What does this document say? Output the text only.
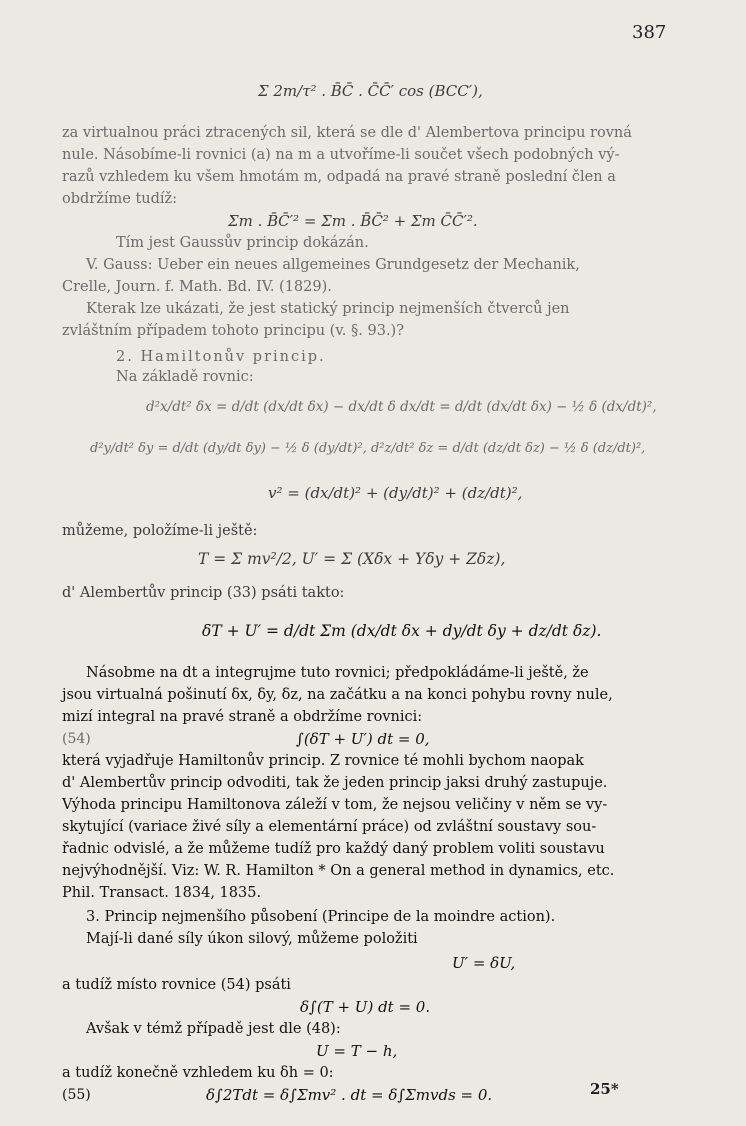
387
Σ 2m/τ² . B̄C̄ . C̄C̄′ cos (BCC′),
za virtualnou práci ztracených sil, která se dle d' Alembertova principu rovná
nule. Násobíme-li rovnici (a) na m a utvoříme-li součet všech podobných vý-
razů vzhledem ku všem hmotám m, odpadá na pravé straně poslední člen a
obdržíme tudíž:
Σm . B̄C̄′² = Σm . B̄C̄² + Σm C̄C̄′².
Tím jest Gaussův princip dokázán.
V. Gauss: Ueber ein neues allgemeines Grundgesetz der Mechanik,
Crelle, Journ. f. Math. Bd. IV. (1829).
Kterak lze ukázati, že jest statický princip nejmenších čtverců jen
zvláštním případem tohoto principu (v. §. 93.)?
2. Hamiltonův princip.
Na základě rovnic:
d²x/dt² δx = d/dt (dx/dt δx) − dx/dt δ dx/dt = d/dt (dx/dt δx) − ½ δ (dx/dt)²,
d²y/dt² δy = d/dt (dy/dt δy) − ½ δ (dy/dt)², d²z/dt² δz = d/dt (dz/dt δz) − ½ δ (dz/dt)²,
v² = (dx/dt)² + (dy/dt)² + (dz/dt)²,
můžeme, položíme-li ještě:
T = Σ mv²/2, U′ = Σ (Xδx + Yδy + Zδz),
d' Alembertův princip (33) psáti takto:
δT + U′ = d/dt Σm (dx/dt δx + dy/dt δy + dz/dt δz).
Násobme na dt a integrujme tuto rovnici; předpokládáme-li ještě, že
jsou virtualná pošinutí δx, δy, δz, na začátku a na konci pohybu rovny nule,
mizí integral na pravé straně a obdržíme rovnici:
(54)	∫(δT + U′) dt = 0,
která vyjadřuje Hamiltonův princip. Z rovnice té mohli bychom naopak
d' Alembertův princip odvoditi, tak že jeden princip jaksi druhý zastupuje.
Výhoda principu Hamiltonova záleží v tom, že nejsou veličiny v něm se vy-
skytující (variace živé síly a elementární práce) od zvláštní soustavy sou-
řadnic odvislé, a že můžeme tudíž pro každý daný problem voliti soustavu
nejvýhodnější. Viz: W. R. Hamilton * On a general method in dynamics, etc.
Phil. Transact. 1834, 1835.
3. Princip nejmenšího působení (Principe de la moindre action).
Mají-li dané síly úkon silový, můžeme položiti
U′ = δU,
a tudíž místo rovnice (54) psáti
δ∫(T + U) dt = 0.
Avšak v témž případě jest dle (48):
U = T − h,
a tudíž konečně vzhledem ku δh = 0:
(55)	δ∫2Tdt = δ∫Σmv² . dt = δ∫Σmvds = 0.	25*
